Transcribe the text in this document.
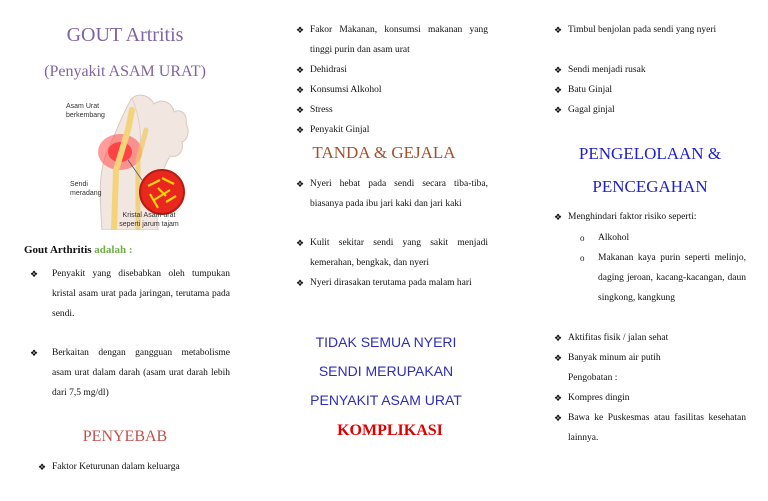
GOUT Artritis
(Penyakit ASAM URAT)
Asam Urat berkembang
Sendi meradang
Kristal Asam urat seperti jarum tajam
Gout Arthritis adalah :
❖	Penyakit yang disebabkan oleh tumpukan kristal asam urat pada jaringan, terutama pada sendi.
❖	Berkaitan dengan gangguan metabolisme asam urat dalam darah (asam urat darah lebih dari 7,5 mg/dl)
PENYEBAB
❖ Faktor Keturunan dalam keluarga
❖ Fakor Makanan, konsumsi makanan yang tinggi purin dan asam urat
❖ Dehidrasi
❖ Konsumsi Alkohol
❖ Stress
❖ Penyakit Ginjal
TANDA & GEJALA
❖ Nyeri hebat pada sendi secara tiba-tiba, biasanya pada ibu jari kaki dan jari kaki
❖ Kulit sekitar sendi yang sakit menjadi kemerahan, bengkak, dan nyeri
❖ Nyeri dirasakan terutama pada malam hari
TIDAK SEMUA NYERI
SENDI MERUPAKAN
PENYAKIT ASAM URAT
KOMPLIKASI
❖ Timbul benjolan pada sendi yang nyeri
❖ Sendi menjadi rusak
❖ Batu Ginjal
❖ Gagal ginjal
PENGELOLAAN &
PENCEGAHAN
❖ Menghindari faktor risiko seperti:
o	Alkohol
o	Makanan kaya purin seperti melinjo, daging jeroan, kacang-kacangan, daun singkong, kangkung
❖ Aktifitas fisik / jalan sehat
❖ Banyak minum air putih
Pengobatan :
❖ Kompres dingin
❖ Bawa ke Puskesmas atau fasilitas kesehatan lainnya.
